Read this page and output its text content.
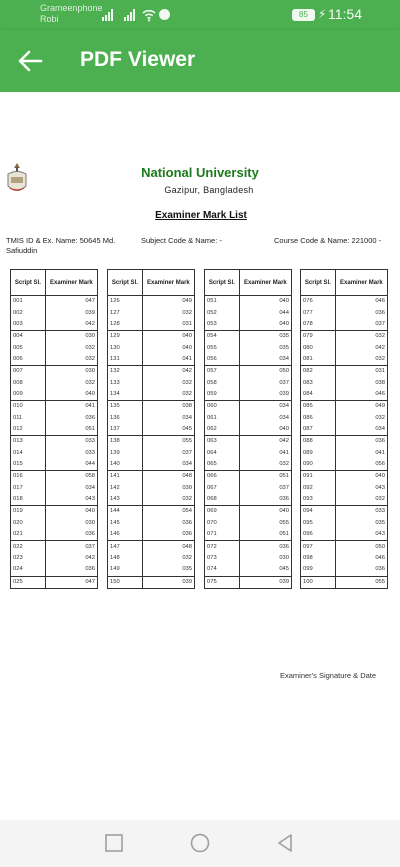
Grameenphone
Robi	85 ⚡ 11:54
PDF Viewer
National University
Gazipur, Bangladesh
Examiner Mark List
TMIS ID & Ex. Name: 50645 Md. Safiuddin
Subject Code & Name: -	Course Code & Name: 221000 -
Script Sl.	Examiner Mark
001	047
002	039
003	042
004	030
005	032
006	032
007	030
008	032
009	040
010	041
011	036
012	051
013	033
014	033
015	044
016	058
017	034
018	043
019	040
020	030
021	036
022	037
023	042
024	036
025	047
Script Sl.	Examiner Mark
126	049
127	032
128	031
129	040
130	040
131	041
132	042
133	032
134	032
135	038
136	034
137	045
138	055
139	037
140	034
141	048
142	030
143	032
144	054
145	036
146	036
147	048
148	032
149	035
150	039
Script Sl.	Examiner Mark
051	040
052	044
053	040
054	035
055	035
056	034
057	050
058	037
059	039
060	034
061	034
062	040
063	042
064	041
065	032
066	051
067	037
068	036
069	040
070	055
071	051
072	036
073	030
074	045
075	039
Script Sl.	Examiner Mark
076	046
077	036
078	037
079	032
080	042
081	032
082	031
083	038
084	046
085	049
086	032
087	034
088	036
089	041
090	056
091	040
092	043
093	032
094	033
095	035
096	043
097	050
098	046
099	036
100	055
Examiner's Signature & Date
